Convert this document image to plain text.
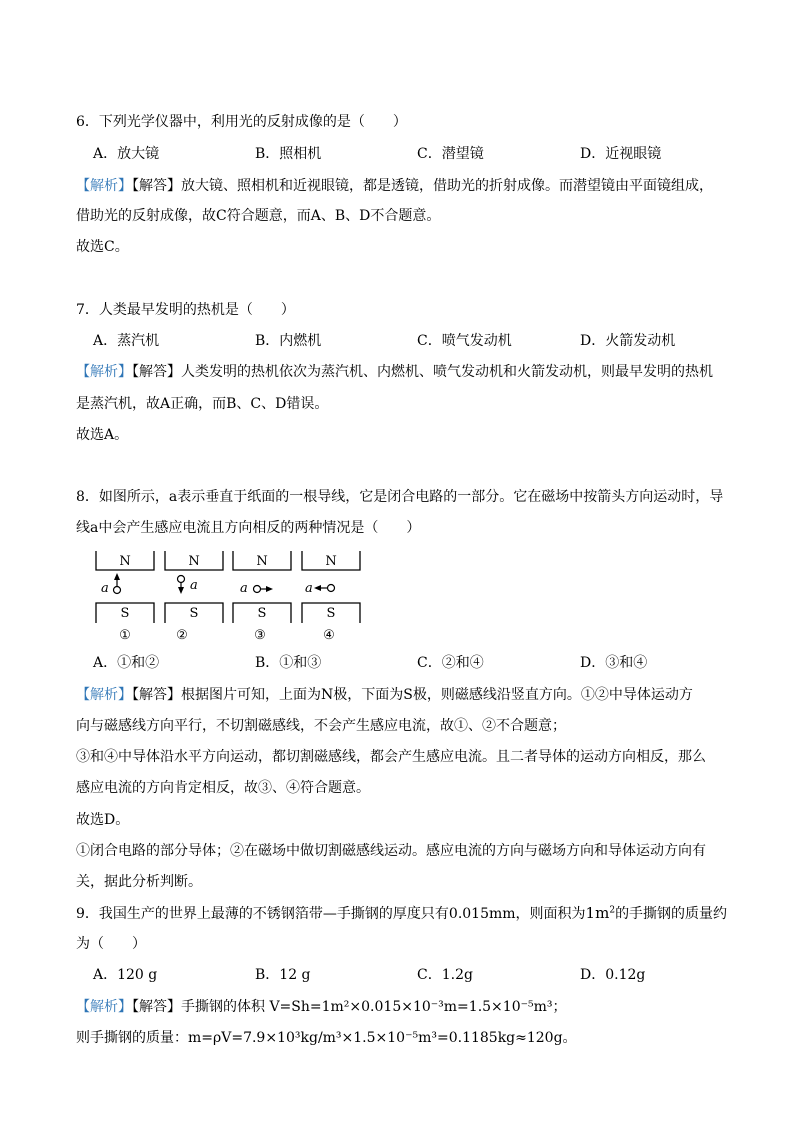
6．下列光学仪器中，利用光的反射成像的是（　　）
A．放大镜	B．照相机	C．潜望镜	D．近视眼镜
【解析】【解答】放大镜、照相机和近视眼镜，都是透镜，借助光的折射成像。而潜望镜由平面镜组成，
借助光的反射成像，故C符合题意，而A、B、D不合题意。
故选C。
7．人类最早发明的热机是（　　）
A．蒸汽机	B．内燃机	C．喷气发动机	D．火箭发动机
【解析】【解答】人类发明的热机依次为蒸汽机、内燃机、喷气发动机和火箭发动机，则最早发明的热机
是蒸汽机，故A正确，而B、C、D错误。
故选A。
8．如图所示，a表示垂直于纸面的一根导线，它是闭合电路的一部分。它在磁场中按箭头方向运动时，导
线a中会产生感应电流且方向相反的两种情况是（　　）
N
a
S
①
N
a
S
②
N
a
S
③
N
a
S
④
A．①和②	B．①和③	C．②和④	D．③和④
【解析】【解答】根据图片可知，上面为N极，下面为S极，则磁感线沿竖直方向。①②中导体运动方
向与磁感线方向平行，不切割磁感线，不会产生感应电流，故①、②不合题意；
③和④中导体沿水平方向运动，都切割磁感线，都会产生感应电流。且二者导体的运动方向相反，那么
感应电流的方向肯定相反，故③、④符合题意。
故选D。
①闭合电路的部分导体；②在磁场中做切割磁感线运动。感应电流的方向与磁场方向和导体运动方向有
关，据此分析判断。
9．我国生产的世界上最薄的不锈钢箔带—手撕钢的厚度只有0.015mm，则面积为$1m^2$的手撕钢的质量约
为（　　）
A．120 g	B．12 g	C．1.2g	D．0.12g
【解析】【解答】手撕钢的体积 V=Sh=1m²×0.015×10⁻³m=1.5×10⁻⁵m³；
则手撕钢的质量：m=ρV=7.9×10³kg/m³×1.5×10⁻⁵m³=0.1185kg≈120g。
